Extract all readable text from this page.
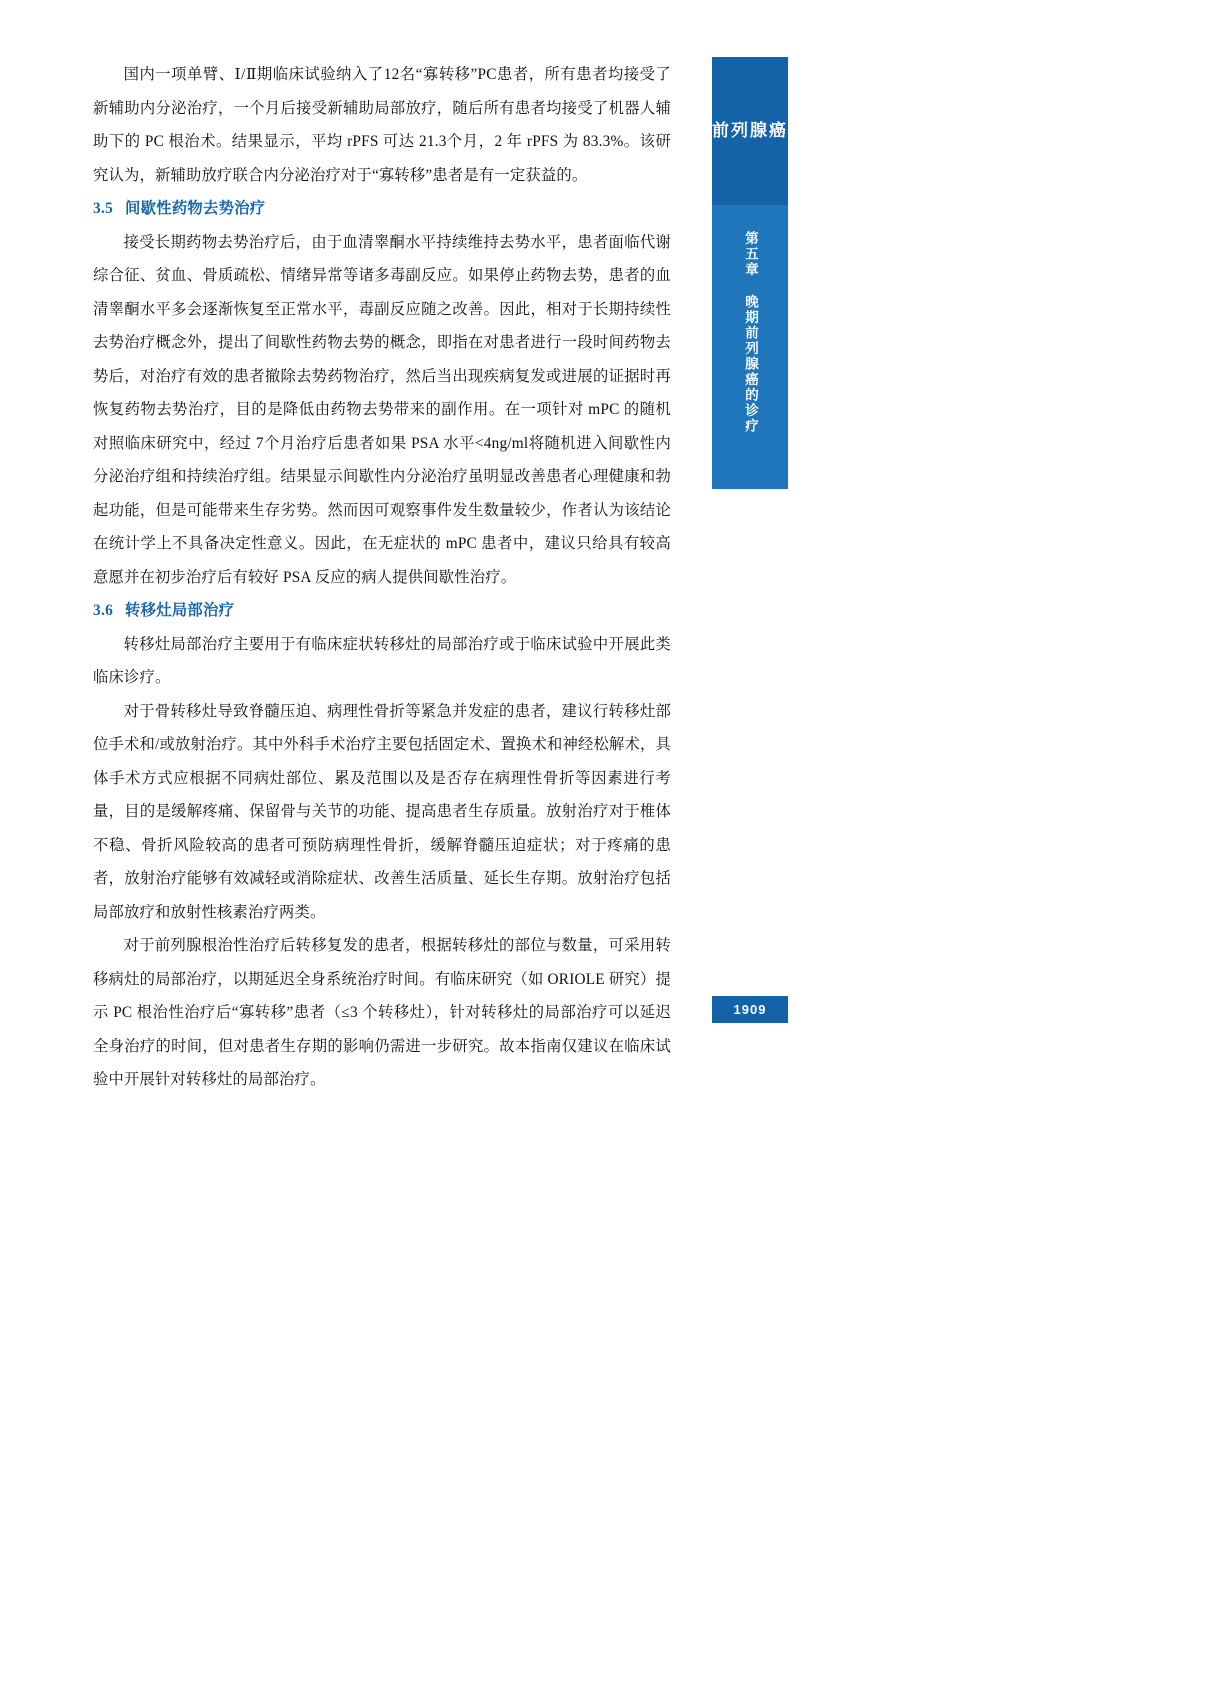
国内一项单臂、Ⅰ/Ⅱ期临床试验纳入了12名“寡转移”PC患者，所有患者均接受了新辅助内分泌治疗，一个月后接受新辅助局部放疗，随后所有患者均接受了机器人辅助下的 PC 根治术。结果显示，平均 rPFS 可达 21.3个月，2 年 rPFS 为 83.3%。该研究认为，新辅助放疗联合内分泌治疗对于“寡转移”患者是有一定获益的。

3.5 间歇性药物去势治疗

接受长期药物去势治疗后，由于血清睾酮水平持续维持去势水平，患者面临代谢综合征、贫血、骨质疏松、情绪异常等诸多毒副反应。如果停止药物去势，患者的血清睾酮水平多会逐渐恢复至正常水平，毒副反应随之改善。因此，相对于长期持续性去势治疗概念外，提出了间歇性药物去势的概念，即指在对患者进行一段时间药物去势后，对治疗有效的患者撤除去势药物治疗，然后当出现疾病复发或进展的证据时再恢复药物去势治疗，目的是降低由药物去势带来的副作用。在一项针对 mPC 的随机对照临床研究中，经过 7个月治疗后患者如果 PSA 水平<4ng/ml将随机进入间歇性内分泌治疗组和持续治疗组。结果显示间歇性内分泌治疗虽明显改善患者心理健康和勃起功能，但是可能带来生存劣势。然而因可观察事件发生数量较少，作者认为该结论在统计学上不具备决定性意义。因此，在无症状的 mPC 患者中，建议只给具有较高意愿并在初步治疗后有较好 PSA 反应的病人提供间歇性治疗。

3.6 转移灶局部治疗

转移灶局部治疗主要用于有临床症状转移灶的局部治疗或于临床试验中开展此类临床诊疗。

对于骨转移灶导致脊髓压迫、病理性骨折等紧急并发症的患者，建议行转移灶部位手术和/或放射治疗。其中外科手术治疗主要包括固定术、置换术和神经松解术，具体手术方式应根据不同病灶部位、累及范围以及是否存在病理性骨折等因素进行考量，目的是缓解疼痛、保留骨与关节的功能、提高患者生存质量。放射治疗对于椎体不稳、骨折风险较高的患者可预防病理性骨折，缓解脊髓压迫症状；对于疼痛的患者，放射治疗能够有效减轻或消除症状、改善生活质量、延长生存期。放射治疗包括局部放疗和放射性核素治疗两类。

对于前列腺根治性治疗后转移复发的患者，根据转移灶的部位与数量，可采用转移病灶的局部治疗，以期延迟全身系统治疗时间。有临床研究（如 ORIOLE 研究）提示 PC 根治性治疗后“寡转移”患者（≤3 个转移灶），针对转移灶的局部治疗可以延迟全身治疗的时间，但对患者生存期的影响仍需进一步研究。故本指南仅建议在临床试验中开展针对转移灶的局部治疗。

前 列 腺 癌
第五章 晚期前列腺癌的诊疗
1909
